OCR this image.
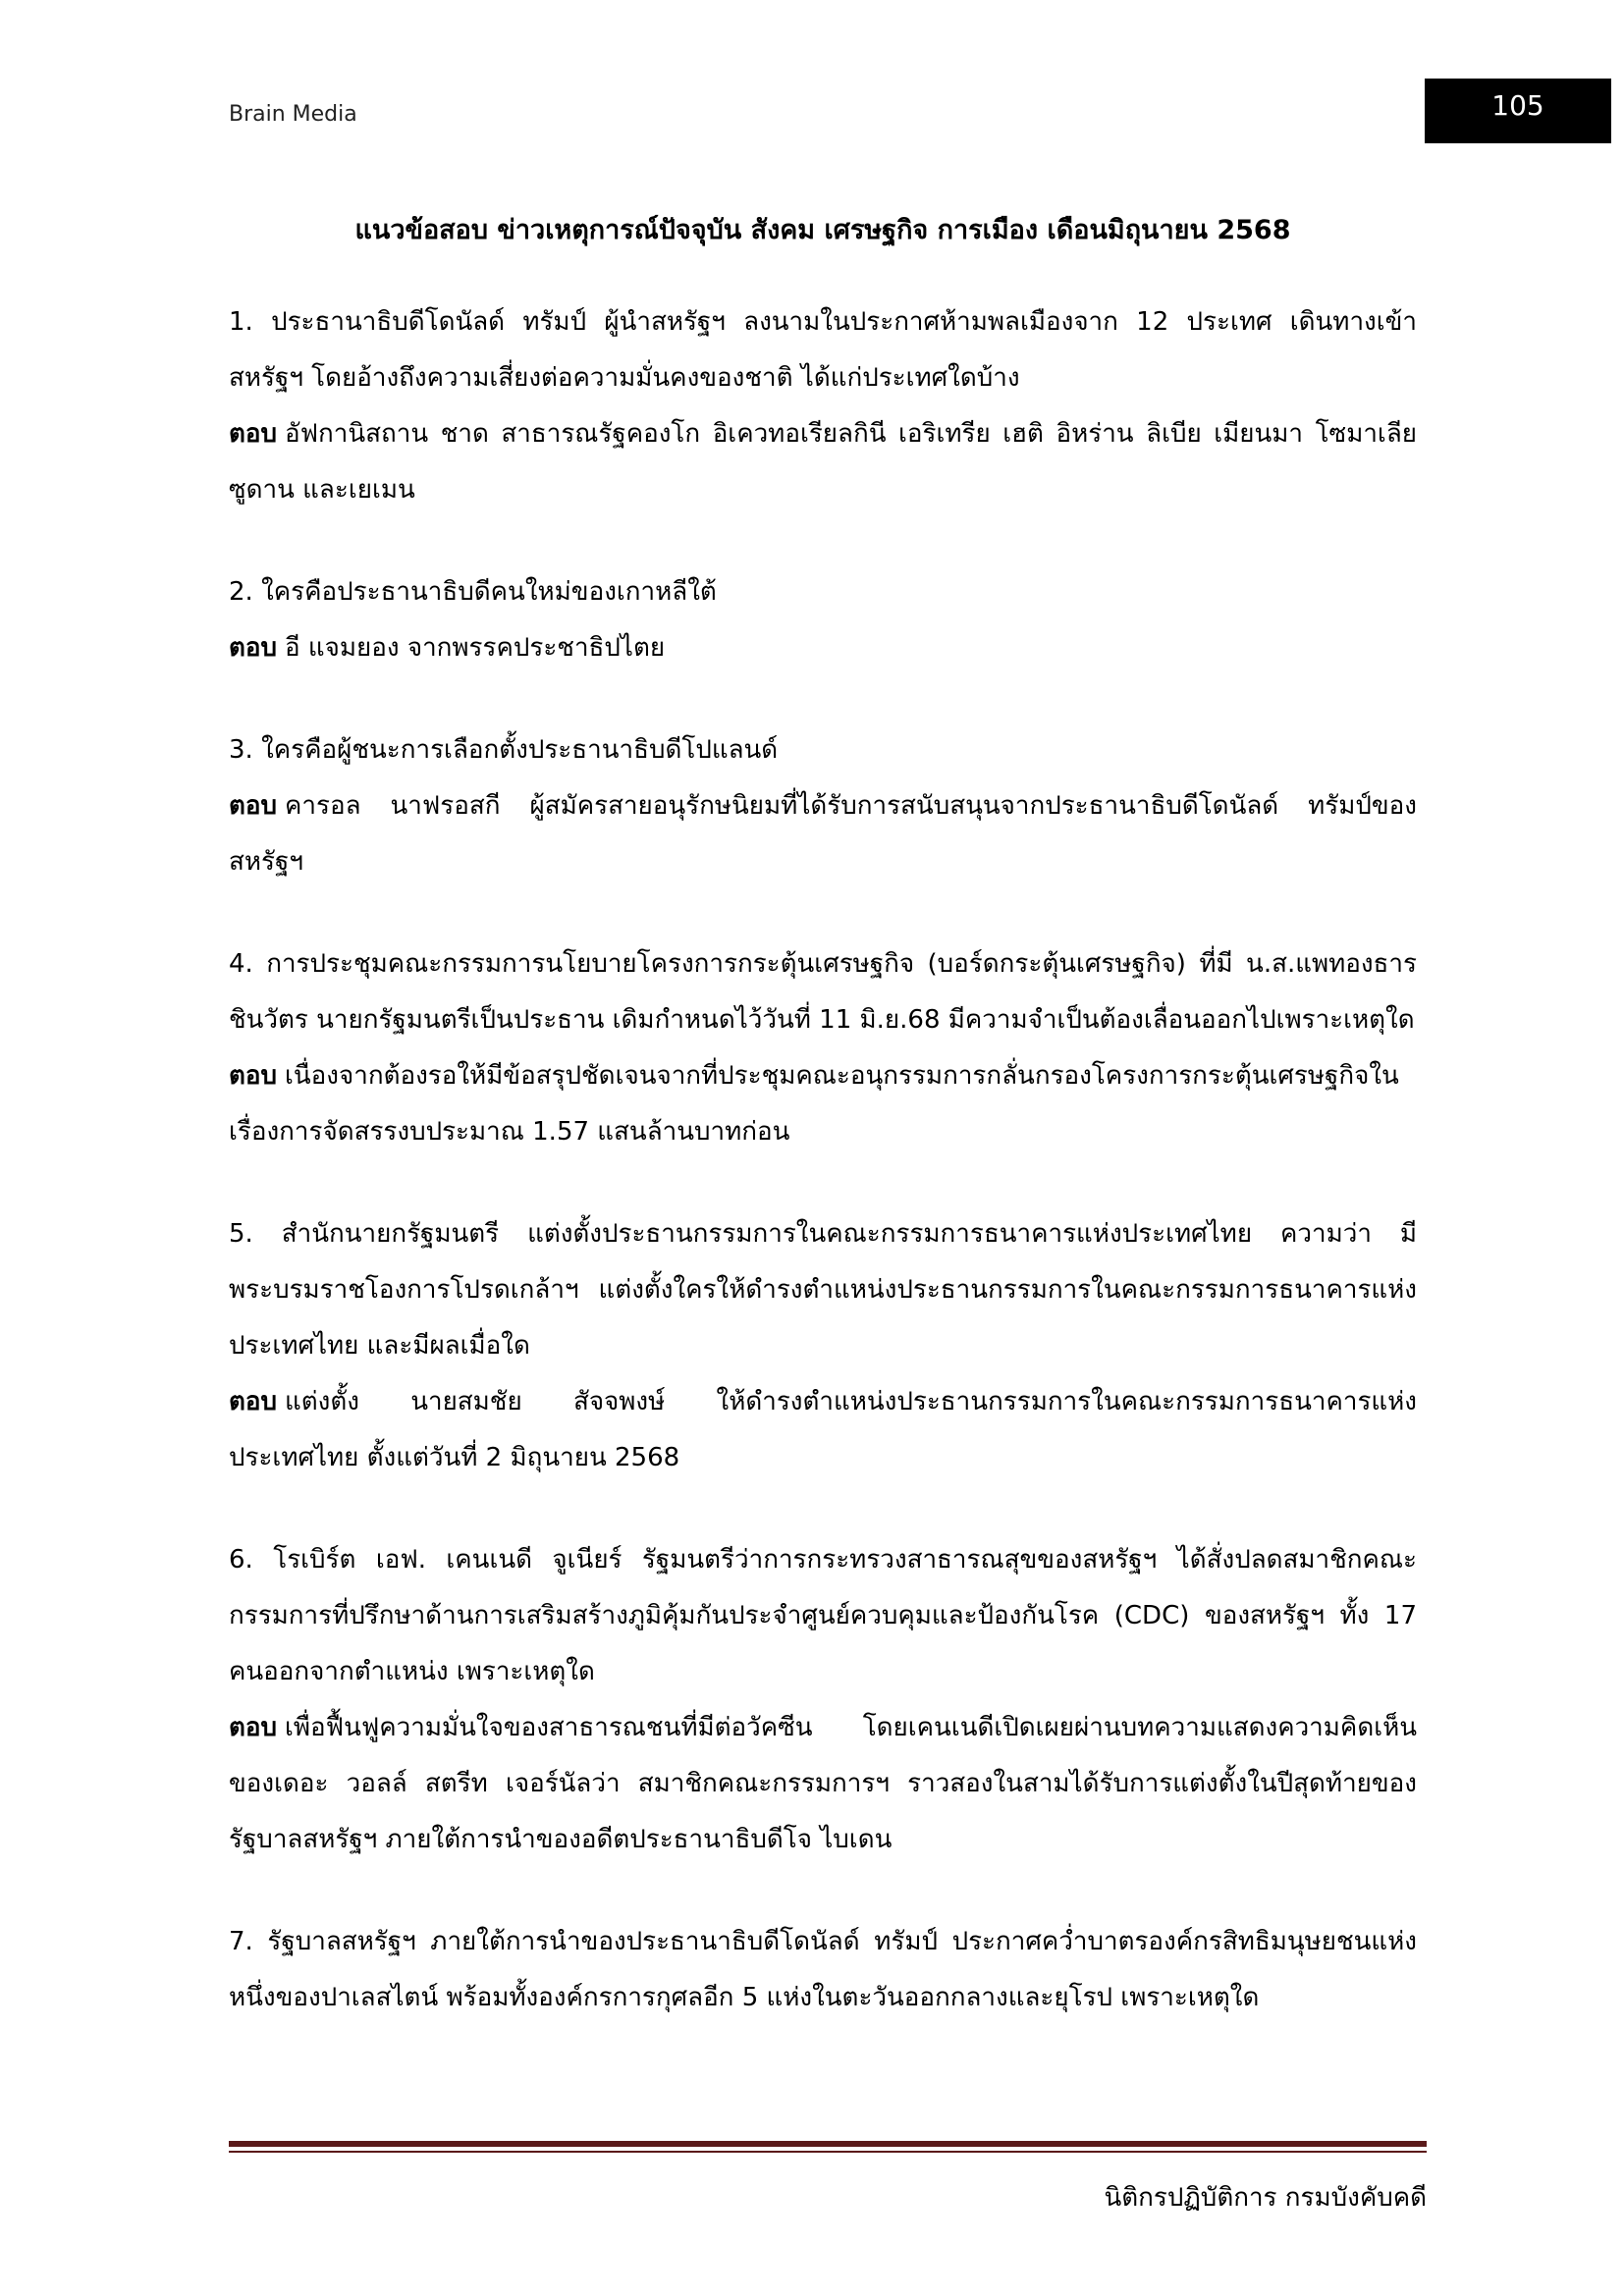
Brain Media	105
แนวข้อสอบ ข่าวเหตุการณ์ปัจจุบัน สังคม เศรษฐกิจ การเมือง เดือนมิถุนายน 2568

1. ประธานาธิบดีโดนัลด์ ทรัมป์ ผู้นำสหรัฐฯ ลงนามในประกาศห้ามพลเมืองจาก 12 ประเทศ เดินทางเข้าสหรัฐฯ โดยอ้างถึงความเสี่ยงต่อความมั่นคงของชาติ ได้แก่ประเทศใดบ้าง

ตอบ อัฟกานิสถาน ชาด สาธารณรัฐคองโก อิเควทอเรียลกินี เอริเทรีย เฮติ อิหร่าน ลิเบีย เมียนมา โซมาเลีย ซูดาน และเยเมน

2. ใครคือประธานาธิบดีคนใหม่ของเกาหลีใต้

ตอบ อี แจมยอง จากพรรคประชาธิปไตย

3. ใครคือผู้ชนะการเลือกตั้งประธานาธิบดีโปแลนด์

ตอบ คารอล นาฟรอสกี ผู้สมัครสายอนุรักษนิยมที่ได้รับการสนับสนุนจากประธานาธิบดีโดนัลด์ ทรัมป์ของสหรัฐฯ

4. การประชุมคณะกรรมการนโยบายโครงการกระตุ้นเศรษฐกิจ (บอร์ดกระตุ้นเศรษฐกิจ) ที่มี น.ส.แพทองธาร ชินวัตร นายกรัฐมนตรีเป็นประธาน เดิมกำหนดไว้วันที่ 11 มิ.ย.68 มีความจำเป็นต้องเลื่อนออกไปเพราะเหตุใด

ตอบ เนื่องจากต้องรอให้มีข้อสรุปชัดเจนจากที่ประชุมคณะอนุกรรมการกลั่นกรองโครงการกระตุ้นเศรษฐกิจในเรื่องการจัดสรรงบประมาณ 1.57 แสนล้านบาทก่อน

5. สำนักนายกรัฐมนตรี แต่งตั้งประธานกรรมการในคณะกรรมการธนาคารแห่งประเทศไทย ความว่า มีพระบรมราชโองการโปรดเกล้าฯ แต่งตั้งใครให้ดำรงตำแหน่งประธานกรรมการในคณะกรรมการธนาคารแห่งประเทศไทย และมีผลเมื่อใด

ตอบ แต่งตั้ง นายสมชัย สัจจพงษ์ ให้ดำรงตำแหน่งประธานกรรมการในคณะกรรมการธนาคารแห่งประเทศไทย ตั้งแต่วันที่ 2 มิถุนายน 2568

6. โรเบิร์ต เอฟ. เคนเนดี จูเนียร์ รัฐมนตรีว่าการกระทรวงสาธารณสุขของสหรัฐฯ ได้สั่งปลดสมาชิกคณะกรรมการที่ปรึกษาด้านการเสริมสร้างภูมิคุ้มกันประจำศูนย์ควบคุมและป้องกันโรค (CDC) ของสหรัฐฯ ทั้ง 17 คนออกจากตำแหน่ง เพราะเหตุใด

ตอบ เพื่อฟื้นฟูความมั่นใจของสาธารณชนที่มีต่อวัคซีน โดยเคนเนดีเปิดเผยผ่านบทความแสดงความคิดเห็นของเดอะ วอลล์ สตรีท เจอร์นัลว่า สมาชิกคณะกรรมการฯ ราวสองในสามได้รับการแต่งตั้งในปีสุดท้ายของรัฐบาลสหรัฐฯ ภายใต้การนำของอดีตประธานาธิบดีโจ ไบเดน

7. รัฐบาลสหรัฐฯ ภายใต้การนำของประธานาธิบดีโดนัลด์ ทรัมป์ ประกาศคว่ำบาตรองค์กรสิทธิมนุษยชนแห่งหนึ่งของปาเลสไตน์ พร้อมทั้งองค์กรการกุศลอีก 5 แห่งในตะวันออกกลางและยุโรป เพราะเหตุใด

นิติกรปฏิบัติการ กรมบังคับคดี
